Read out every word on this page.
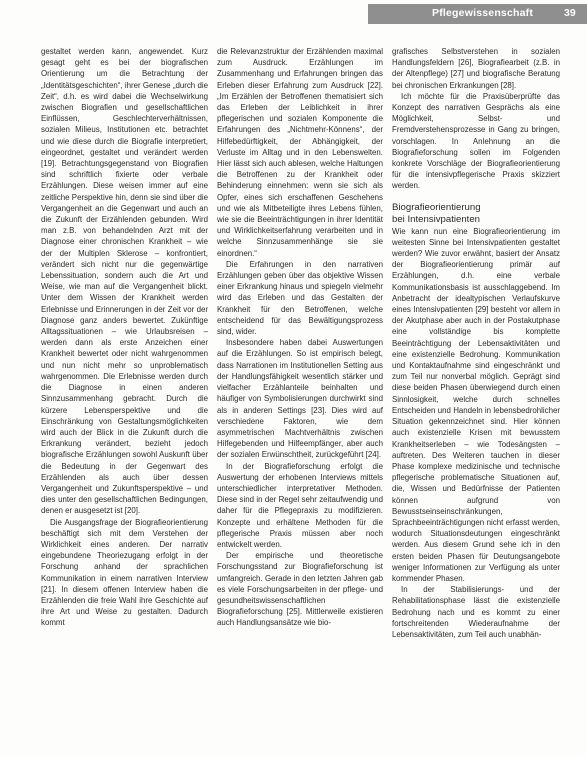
Pflegewissenschaft	39

gestaltet werden kann, angewendet. Kurz gesagt geht es bei der biografischen Orientierung um die Betrachtung der „Identitätsgeschichten“, ihrer Genese „durch die Zeit“, d.h. es wird dabei die Wechselwirkung zwischen Biografien und gesellschaftlichen Einflüssen, Geschlechterverhältnissen, sozialen Milieus, Institutionen etc. betrachtet und wie diese durch die Biografie interpretiert, eingeordnet, gestaltet und verändert werden [19]. Betrachtungsgegenstand von Biografien sind schriftlich fixierte oder verbale Erzählungen. Diese weisen immer auf eine zeitliche Perspektive hin, denn sie sind über die Vergangenheit an die Gegenwart und auch an die Zukunft der Erzählenden gebunden. Wird man z.B. von behandelnden Arzt mit der Diagnose einer chronischen Krankheit – wie der der Multiplen Sklerose – konfrontiert, verändert sich nicht nur die gegenwärtige Lebenssituation, sondern auch die Art und Weise, wie man auf die Vergangenheit blickt. Unter dem Wissen der Krankheit werden Erlebnisse und Erinnerungen in der Zeit vor der Diagnose ganz anders bewertet. Zukünftige Alltagssituationen – wie Urlaubsreisen – werden dann als erste Anzeichen einer Krankheit bewertet oder nicht wahrgenommen und nun nicht mehr so unproblematisch wahrgenommen. Die Erlebnisse werden durch die Diagnose in einen anderen Sinnzusammenhang gebracht. Durch die kürzere Lebensperspektive und die Einschränkung von Gestaltungsmöglichkeiten wird auch der Blick in die Zukunft durch die Erkrankung verändert, bezieht jedoch biografische Erzählungen sowohl Auskunft über die Bedeutung in der Gegenwart des Erzählenden als auch über dessen Vergangenheit und Zukunftsperspektive – und dies unter den gesellschaftlichen Bedingungen, denen er ausgesetzt ist [20].

Die Ausgangsfrage der Biografieorientierung beschäftigt sich mit dem Verstehen der Wirklichkeit eines anderen. Der narrativ eingebundene Theoriezugang erfolgt in der Forschung anhand der sprachlichen Kommunikation in einem narrativen Interview [21]. In diesem offenen Interview haben die Erzählenden die freie Wahl ihre Geschichte auf ihre Art und Weise zu gestalten. Dadurch kommt

die Relevanzstruktur der Erzählenden maximal zum Ausdruck. Erzählungen im Zusammenhang und Erfahrungen bringen das Erleben dieser Erfahrung zum Ausdruck [22]. „Im Erzählen der Betroffenen thematisiert sich das Erleben der Leiblichkeit in ihrer pflegerischen und sozialen Komponente die Erfahrungen des „Nichtmehr-Könnens“, der Hilfebedürftigkeit, der Abhängigkeit, der Verluste im Alltag und in den Lebenswelten. Hier lässt sich auch ablesen, welche Haltungen die Betroffenen zu der Krankheit oder Behinderung einnehmen: wenn sie sich als Opfer, eines sich erschaffenen Geschehens und wie als Mitbeteiligte ihres Lebens fühlen, wie sie die Beeinträchtigungen in ihrer Identität und Wirklichkeitserfahrung verarbeiten und in welche Sinnzusammenhänge sie sie einordnen.“

Die Erfahrungen in den narrativen Erzählungen geben über das objektive Wissen einer Erkrankung hinaus und spiegeln vielmehr wird das Erleben und das Gestalten der Krankheit für den Betroffenen, welche entscheidend für das Bewältigungsprozess sind, wider.

Insbesondere haben dabei Auswertungen auf die Erzählungen. So ist empirisch belegt, dass Narrationen im Institutionellen Setting aus der Handlungsfähigkeit wesentlich stärker und vielfacher Erzählanteile beinhalten und häufiger von Symbolisierungen durchwirkt sind als in anderen Settings [23]. Dies wird auf verschiedene Faktoren, wie dem asymmetrischen Machtverhältnis zwischen Hilfegebenden und Hilfeempfänger, aber auch der sozialen Erwünschtheit, zurückgeführt [24].

In der Biografieforschung erfolgt die Auswertung der erhobenen Interviews mittels unterschiedlicher interpretativer Methoden. Diese sind in der Regel sehr zeitaufwendig und daher für die Pflegepraxis zu modifizieren. Konzepte und erhältene Methoden für die pflegerische Praxis müssen aber noch entwickelt werden.

Der empirische und theoretische Forschungsstand zur Biografieforschung ist umfangreich. Gerade in den letzten Jahren gab es viele Forschungsarbeiten in der pflege- und gesundheitswissenschaftlichen Biografieforschung [25]. Mittlerweile existieren auch Handlungsansätze wie bio-

grafisches Selbstverstehen in sozialen Handlungsfeldern [26], Biografiearbeit (z.B. in der Altenpflege) [27] und biografische Beratung bei chronischen Erkrankungen [28].

Ich möchte für die Praxisüberprüfte das Konzept des narrativen Gesprächs als eine Möglichkeit, Selbst- und Fremdverstehensprozesse in Gang zu bringen, vorschlagen. In Anlehnung an die Biografieforschung sollen im Folgenden konkrete Vorschläge der Biografieorientierung für die intensivpflegerische Praxis skizziert werden.

Biografieorientierung

bei Intensivpatienten

Wie kann nun eine Biografieorientierung im weitesten Sinne bei Intensivpatienten gestaltet werden? Wie zuvor erwähnt, basiert der Ansatz der Biografieorientierung primär auf Erzählungen, d.h. eine verbale Kommunikationsbasis ist ausschlaggebend. Im Anbetracht der idealtypischen Verlaufskurve eines Intensivpatienten [29] besteht vor allem in der Akutphase aber auch in der Postakutphase eine vollständige bis komplette Beeinträchtigung der Lebensaktivitäten und eine existenzielle Bedrohung. Kommunikation und Kontaktaufnahme sind eingeschränkt und zum Teil nur nonverbal möglich. Geprägt sind diese beiden Phasen überwiegend durch einen Sinnlosigkeit, welche durch schnelles Entscheiden und Handeln in lebensbedrohlicher Situation gekennzeichnet sind. Hier können auch existenzielle Krisen mit bewusstem Krankheitserleben – wie Todesängsten – auftreten. Des Weiteren tauchen in dieser Phase komplexe medizinische und technische pflegerische problematische Situationen auf, die, Wissen und Bedürfnisse der Patienten können aufgrund von Bewusstseinseinschränkungen, Sprachbeeinträchtigungen nicht erfasst werden, wodurch Situationsdeutungen eingeschränkt werden. Aus diesem Grund sehe ich in den ersten beiden Phasen für Deutungsangebote weniger Informationen zur Verfügung als unter kommender Phasen.

In der Stabilisierungs- und der Rehabilitationsphase lässt die existenzielle Bedrohung nach und es kommt zu einer fortschreitenden Wiederaufnahme der Lebensaktivitäten, zum Teil auch unabhän-
